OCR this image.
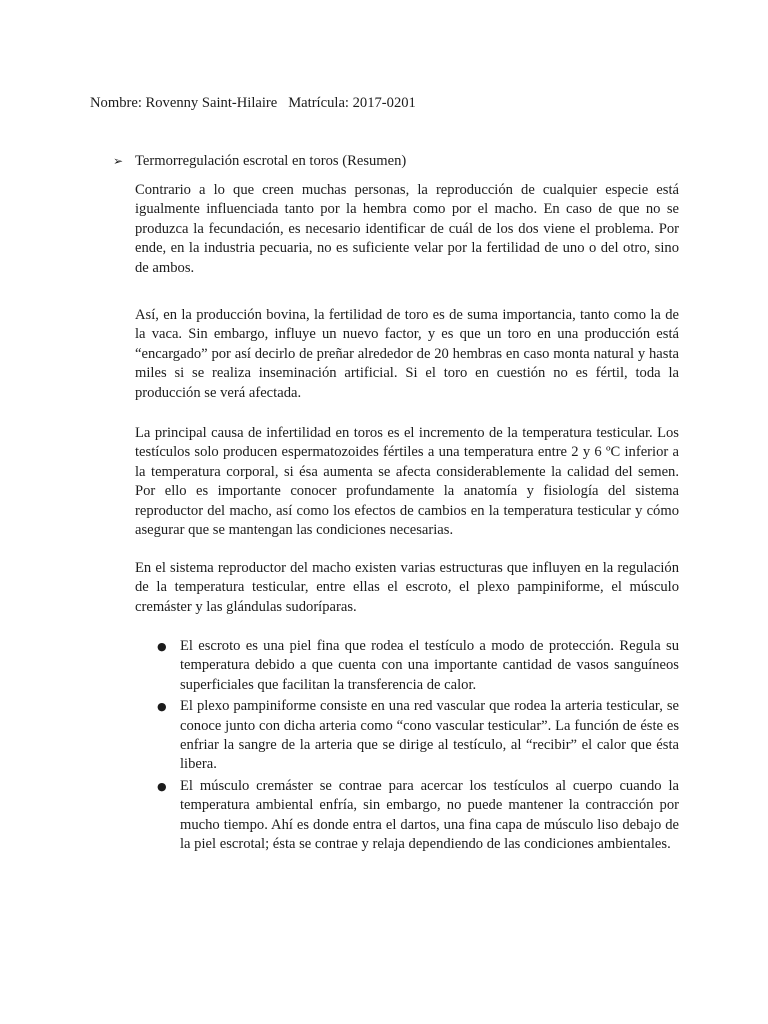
Nombre: Rovenny Saint-Hilaire   Matrícula: 2017-0201
➢ Termorregulación escrotal en toros (Resumen)

Contrario a lo que creen muchas personas, la reproducción de cualquier especie está igualmente influenciada tanto por la hembra como por el macho. En caso de que no se produzca la fecundación, es necesario identificar de cuál de los dos viene el problema. Por ende, en la industria pecuaria, no es suficiente velar por la fertilidad de uno o del otro, sino de ambos.

Así, en la producción bovina, la fertilidad de toro es de suma importancia, tanto como la de la vaca. Sin embargo, influye un nuevo factor, y es que un toro en una producción está “encargado” por así decirlo de preñar alrededor de 20 hembras en caso monta natural y hasta miles si se realiza inseminación artificial. Si el toro en cuestión no es fértil, toda la producción se verá afectada.

La principal causa de infertilidad en toros es el incremento de la temperatura testicular. Los testículos solo producen espermatozoides fértiles a una temperatura entre 2 y 6 ºC inferior a la temperatura corporal, si ésa aumenta se afecta considerablemente la calidad del semen. Por ello es importante conocer profundamente la anatomía y fisiología del sistema reproductor del macho, así como los efectos de cambios en la temperatura testicular y cómo asegurar que se mantengan las condiciones necesarias.

En el sistema reproductor del macho existen varias estructuras que influyen en la regulación de la temperatura testicular, entre ellas el escroto, el plexo pampiniforme, el músculo cremáster y las glándulas sudoríparas.

● El escroto es una piel fina que rodea el testículo a modo de protección. Regula su temperatura debido a que cuenta con una importante cantidad de vasos sanguíneos superficiales que facilitan la transferencia de calor.
● El plexo pampiniforme consiste en una red vascular que rodea la arteria testicular, se conoce junto con dicha arteria como “cono vascular testicular”. La función de éste es enfriar la sangre de la arteria que se dirige al testículo, al “recibir” el calor que ésta libera.
● El músculo cremáster se contrae para acercar los testículos al cuerpo cuando la temperatura ambiental enfría, sin embargo, no puede mantener la contracción por mucho tiempo. Ahí es donde entra el dartos, una fina capa de músculo liso debajo de la piel escrotal; ésta se contrae y relaja dependiendo de las condiciones ambientales.
